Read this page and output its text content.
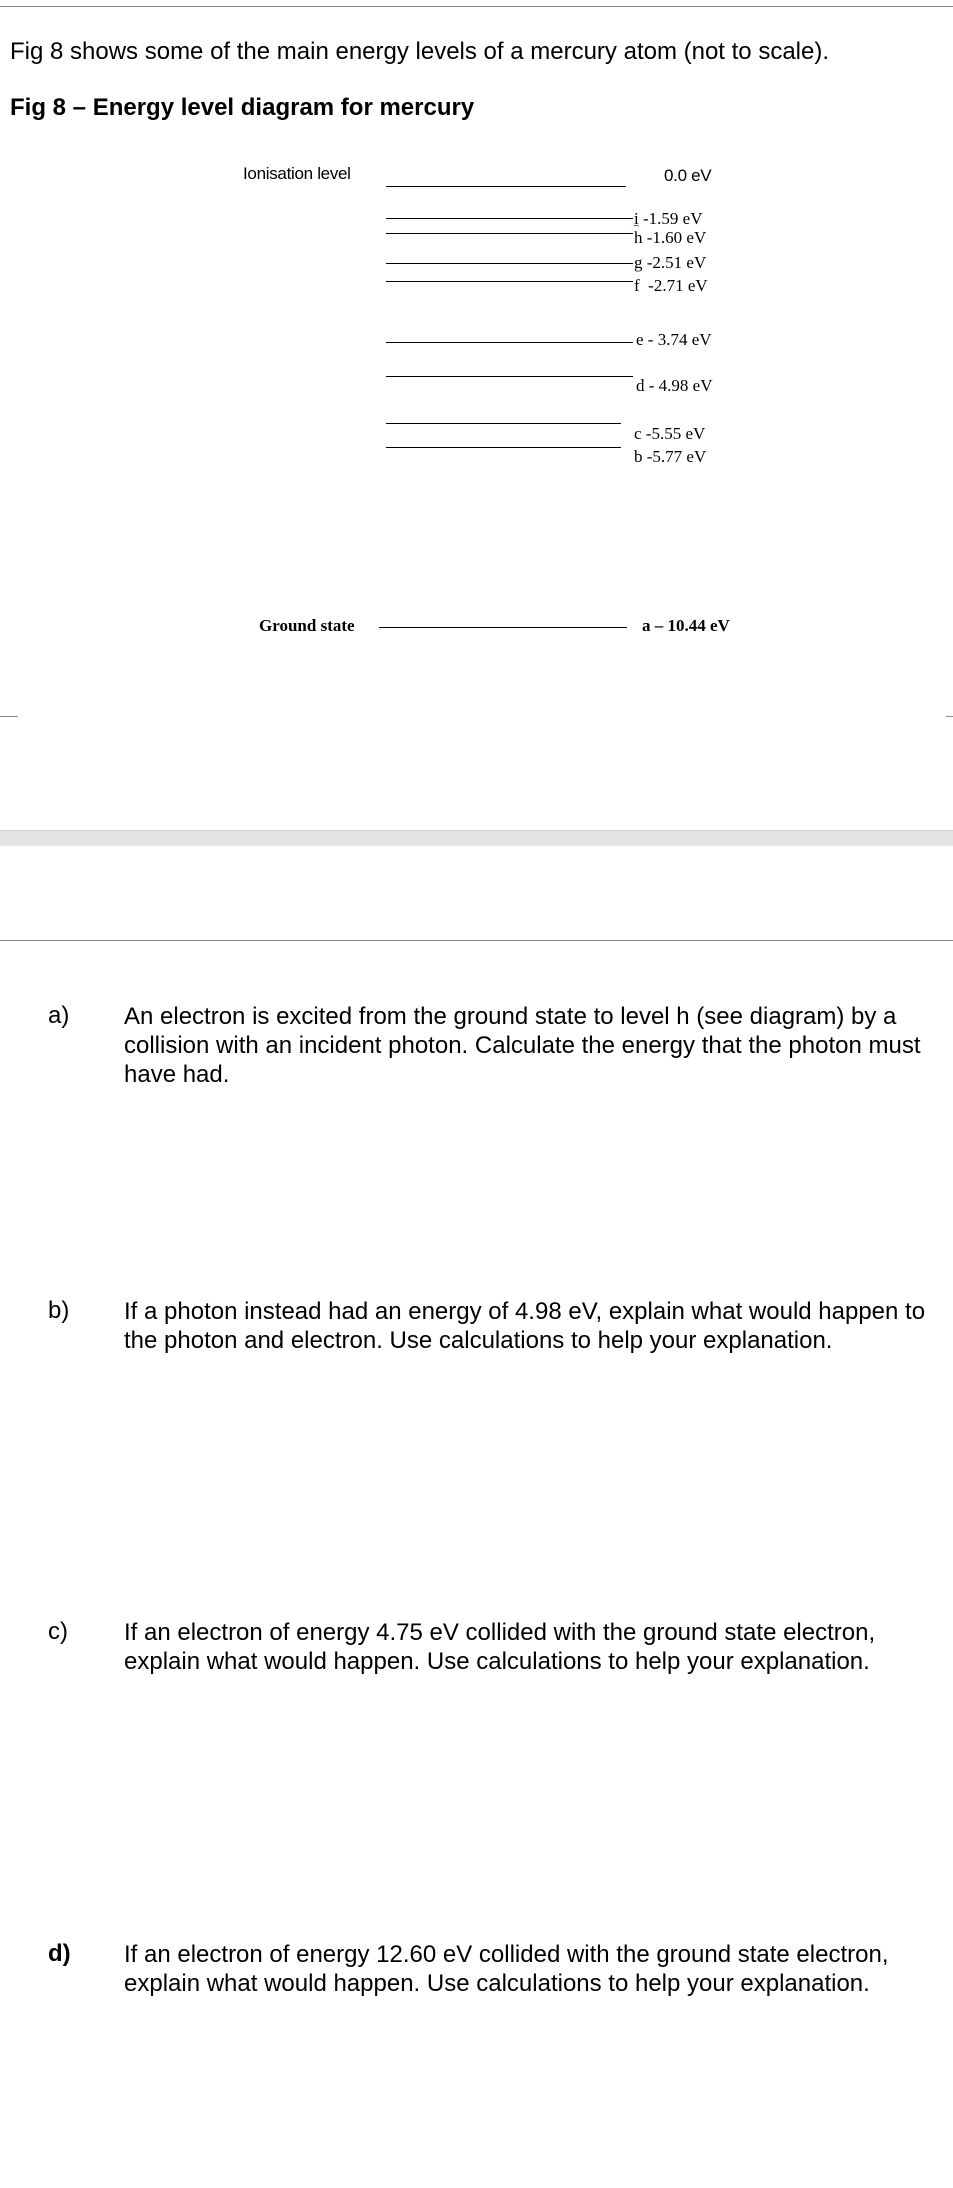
Fig 8 shows some of the main energy levels of a mercury atom (not to scale).
Fig 8 – Energy level diagram for mercury
Ionisation level	0.0 eV
i -1.59 eV
h -1.60 eV
g -2.51 eV
f  -2.71 eV
e - 3.74 eV
d - 4.98 eV
c -5.55 eV
b -5.77 eV
Ground state	a – 10.44 eV
a) An electron is excited from the ground state to level h (see diagram) by a collision with an incident photon. Calculate the energy that the photon must have had.
b) If a photon instead had an energy of 4.98 eV, explain what would happen to the photon and electron. Use calculations to help your explanation.
c) If an electron of energy 4.75 eV collided with the ground state electron, explain what would happen. Use calculations to help your explanation.
d) If an electron of energy 12.60 eV collided with the ground state electron, explain what would happen. Use calculations to help your explanation.
